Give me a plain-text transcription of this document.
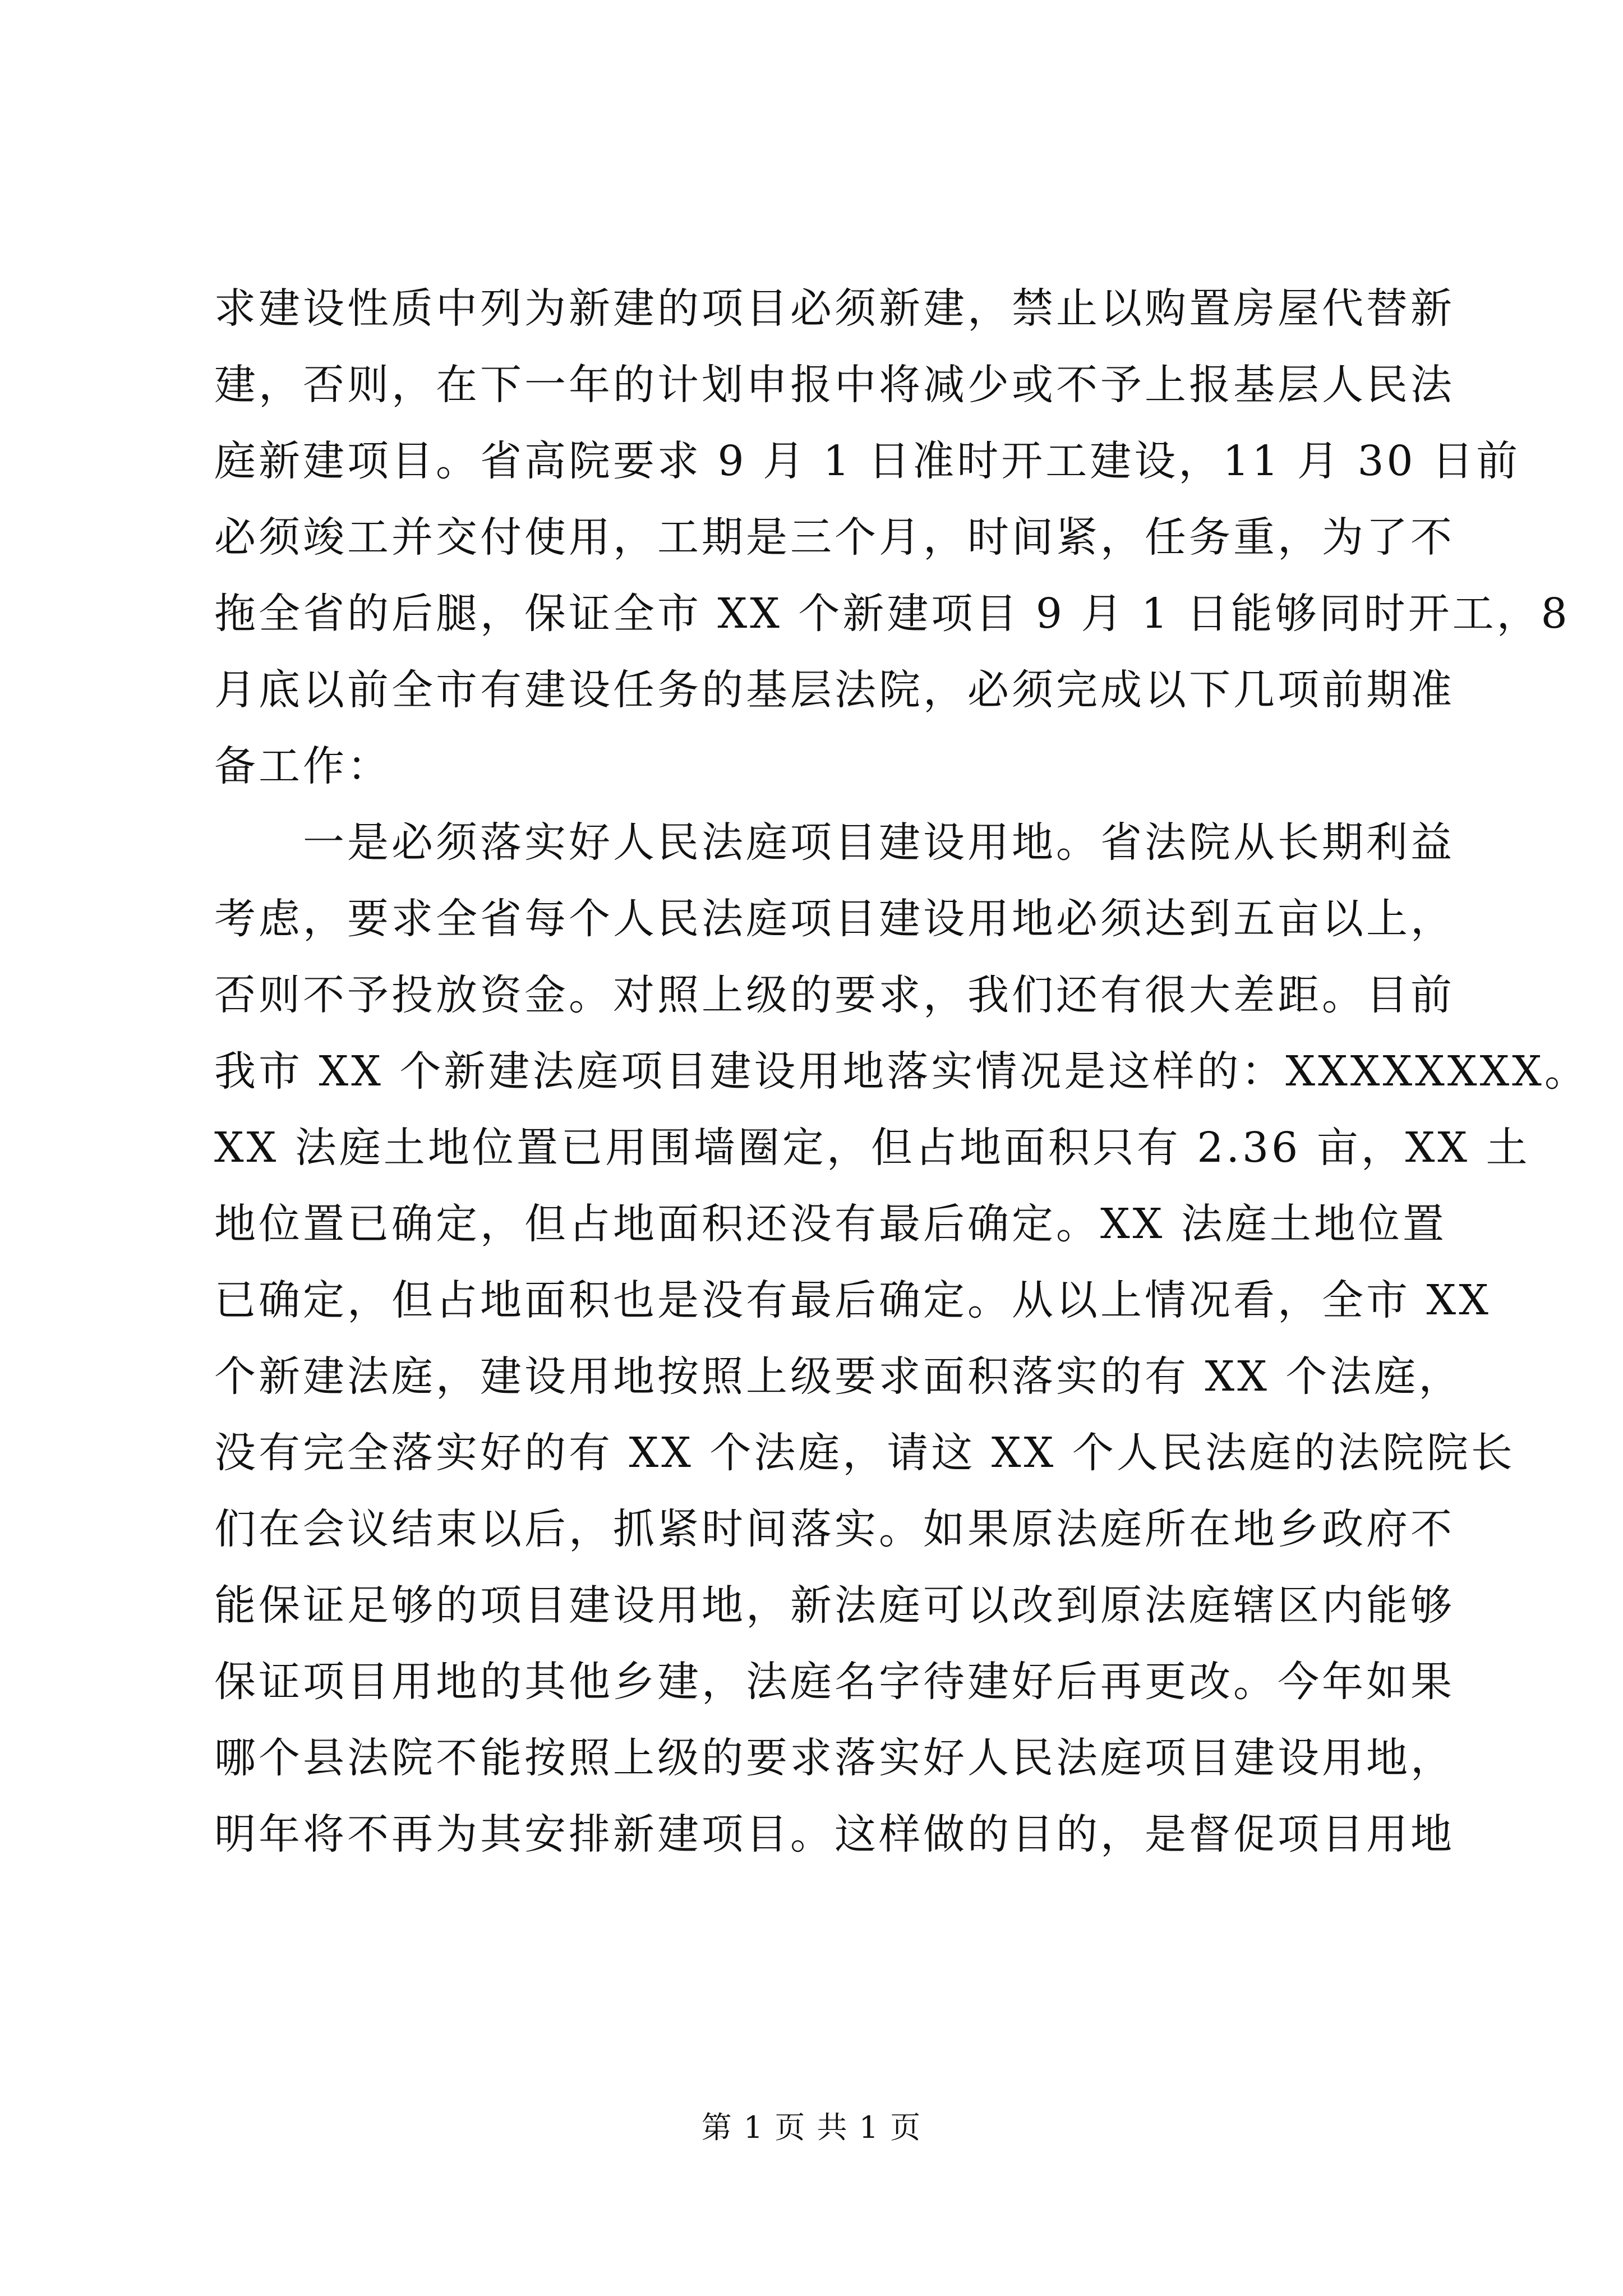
求建设性质中列为新建的项目必须新建，禁止以购置房屋代替新
建，否则，在下一年的计划申报中将减少或不予上报基层人民法
庭新建项目。省高院要求 9 月 1 日准时开工建设，11 月 30 日前
必须竣工并交付使用，工期是三个月，时间紧，任务重，为了不
拖全省的后腿，保证全市 XX 个新建项目 9 月 1 日能够同时开工，8
月底以前全市有建设任务的基层法院，必须完成以下几项前期准
备工作：
一是必须落实好人民法庭项目建设用地。省法院从长期利益
考虑，要求全省每个人民法庭项目建设用地必须达到五亩以上，
否则不予投放资金。对照上级的要求，我们还有很大差距。目前
我市 XX 个新建法庭项目建设用地落实情况是这样的：XXXXXXXX。
XX 法庭土地位置已用围墙圈定，但占地面积只有 2.36 亩，XX 土
地位置已确定，但占地面积还没有最后确定。XX 法庭土地位置
已确定，但占地面积也是没有最后确定。从以上情况看，全市 XX
个新建法庭，建设用地按照上级要求面积落实的有 XX 个法庭，
没有完全落实好的有 XX 个法庭，请这 XX 个人民法庭的法院院长
们在会议结束以后，抓紧时间落实。如果原法庭所在地乡政府不
能保证足够的项目建设用地，新法庭可以改到原法庭辖区内能够
保证项目用地的其他乡建，法庭名字待建好后再更改。今年如果
哪个县法院不能按照上级的要求落实好人民法庭项目建设用地，
明年将不再为其安排新建项目。这样做的目的，是督促项目用地
第 1 页 共 1 页
